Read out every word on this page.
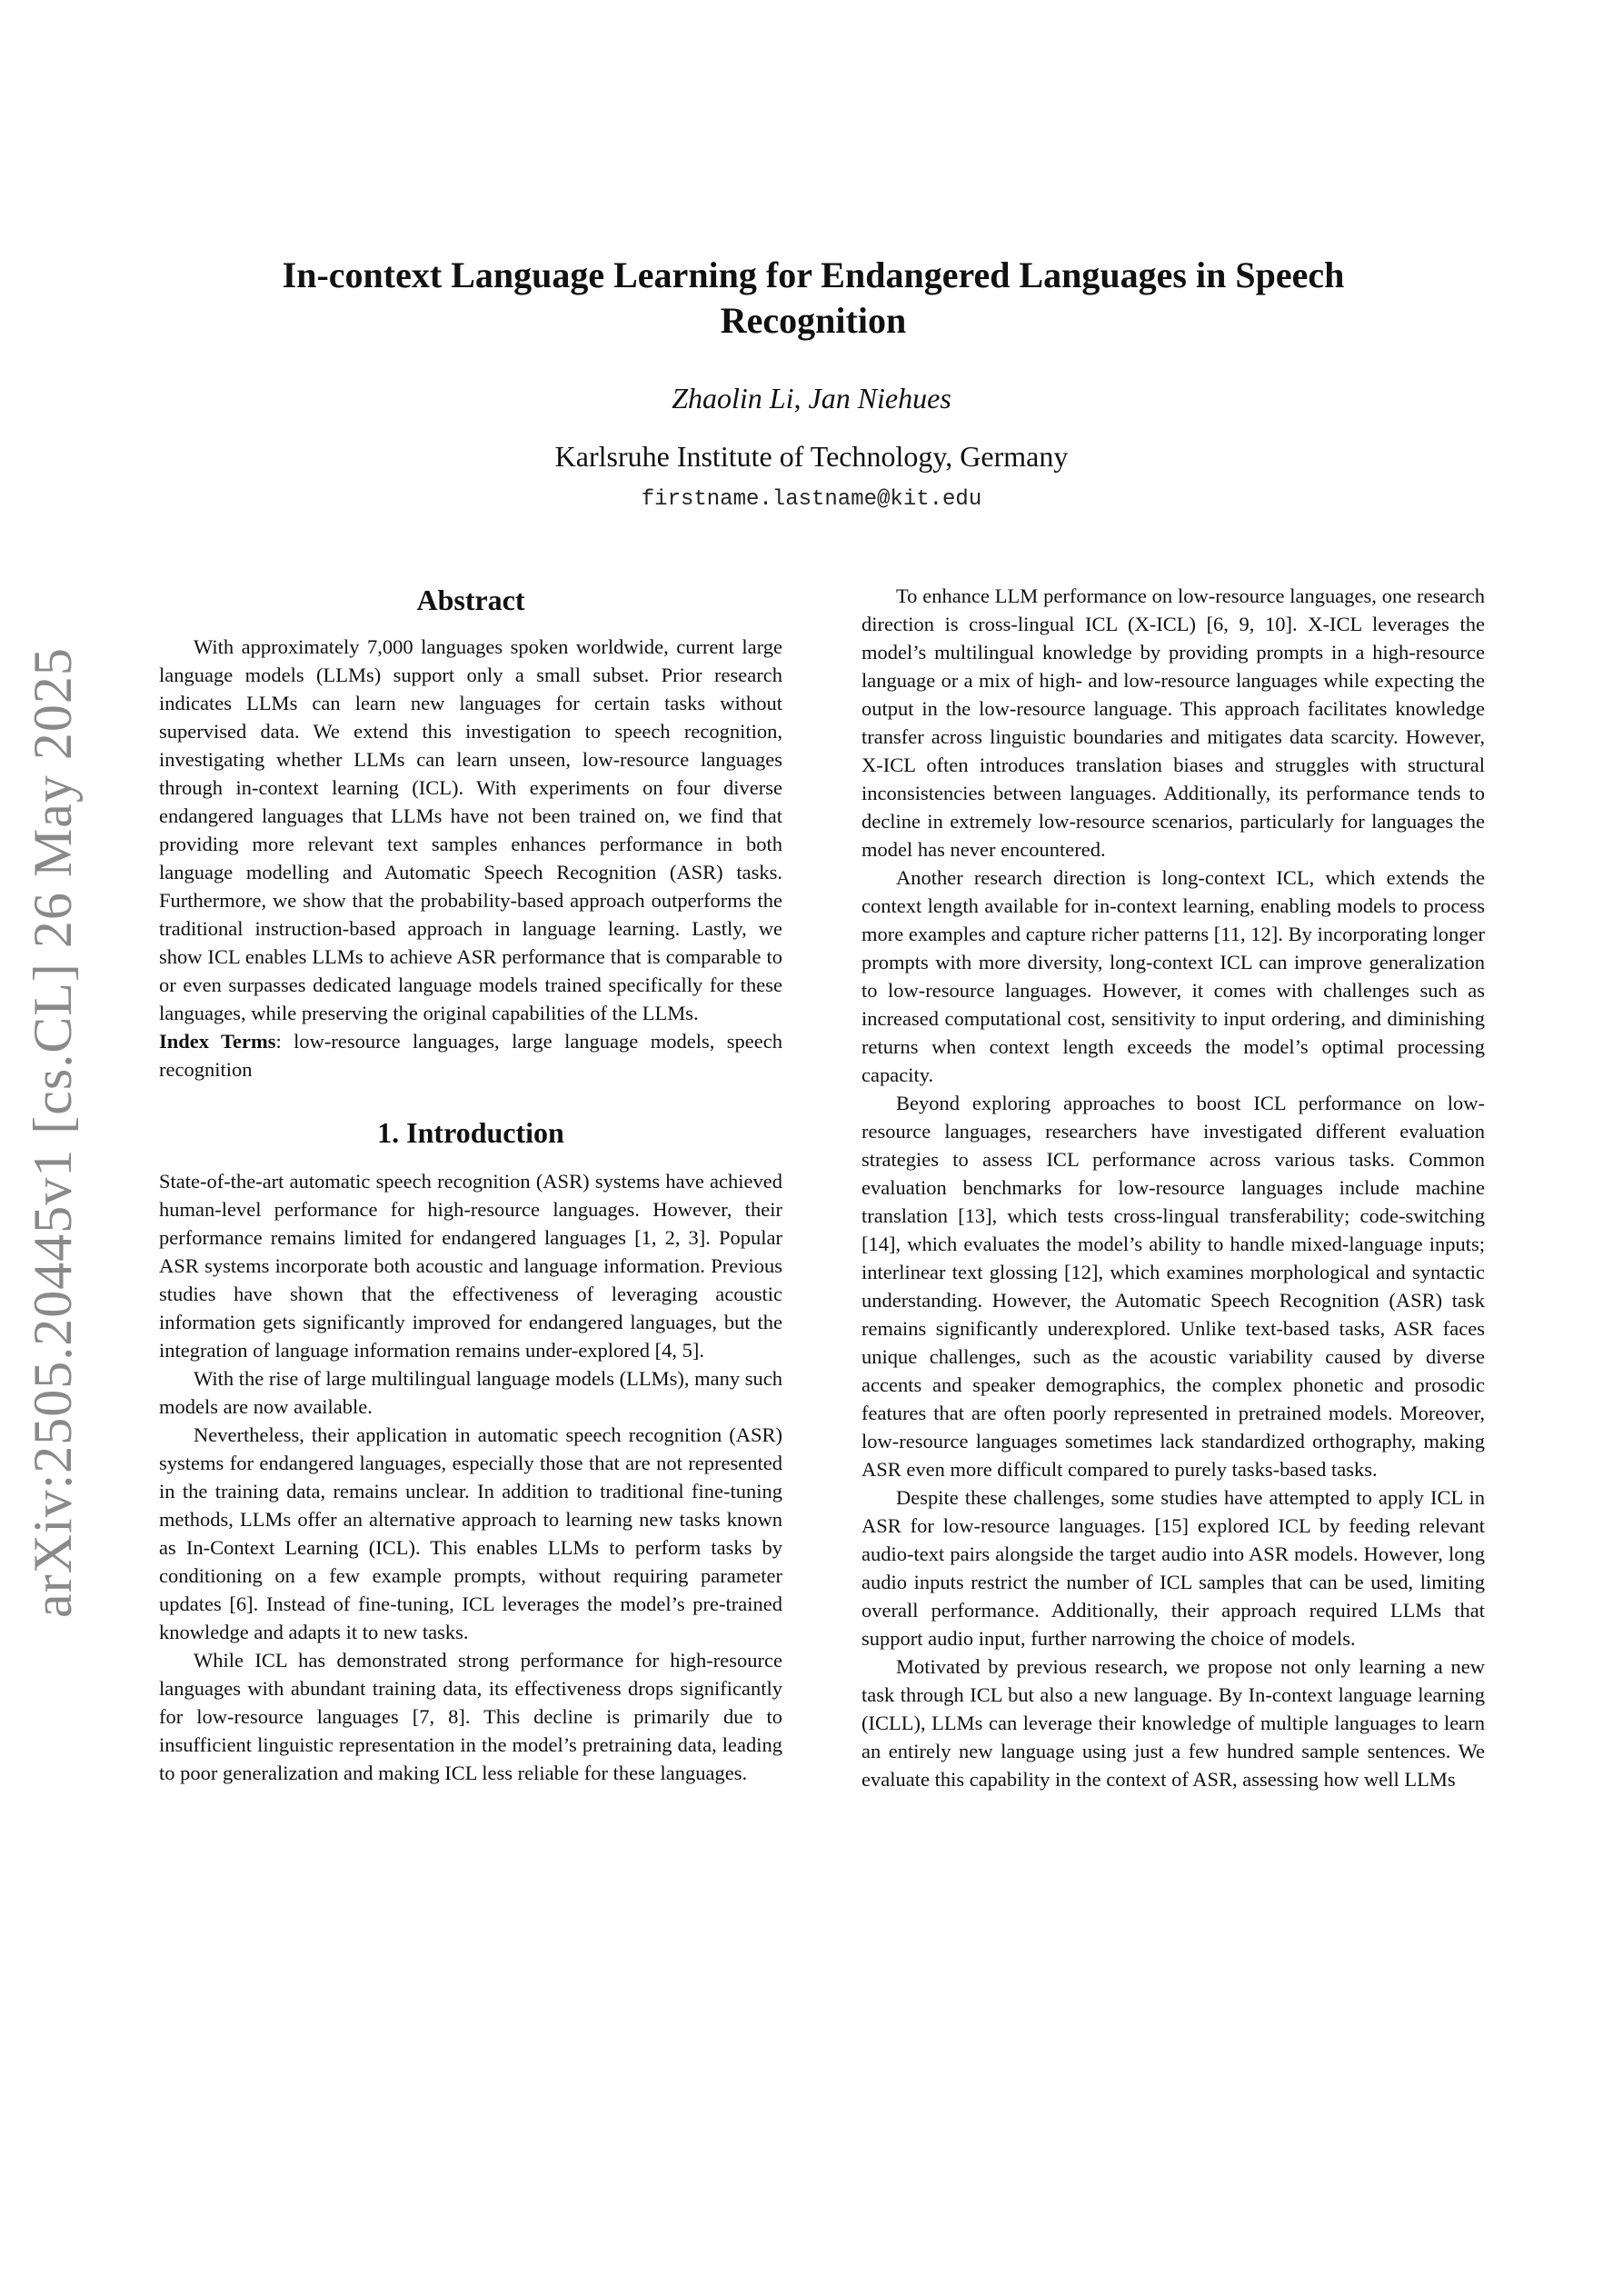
arXiv:2505.20445v1 [cs.CL] 26 May 2025
In-context Language Learning for Endangered Languages in Speech Recognition
Zhaolin Li, Jan Niehues
Karlsruhe Institute of Technology, Germany
firstname.lastname@kit.edu
Abstract

With approximately 7,000 languages spoken worldwide, current large language models (LLMs) support only a small subset. Prior research indicates LLMs can learn new languages for certain tasks without supervised data. We extend this investigation to speech recognition, investigating whether LLMs can learn unseen, low-resource languages through in-context learning (ICL). With experiments on four diverse endangered languages that LLMs have not been trained on, we find that providing more relevant text samples enhances performance in both language modelling and Automatic Speech Recognition (ASR) tasks. Furthermore, we show that the probability-based approach outperforms the traditional instruction-based approach in language learning. Lastly, we show ICL enables LLMs to achieve ASR performance that is comparable to or even surpasses dedicated language models trained specifically for these languages, while preserving the original capabilities of the LLMs.

Index Terms: low-resource languages, large language models, speech recognition

1. Introduction

State-of-the-art automatic speech recognition (ASR) systems have achieved human-level performance for high-resource languages. However, their performance remains limited for endangered languages [1, 2, 3]. Popular ASR systems incorporate both acoustic and language information. Previous studies have shown that the effectiveness of leveraging acoustic information gets significantly improved for endangered languages, but the integration of language information remains under-explored [4, 5].

With the rise of large multilingual language models (LLMs), many such models are now available.

Nevertheless, their application in automatic speech recognition (ASR) systems for endangered languages, especially those that are not represented in the training data, remains unclear. In addition to traditional fine-tuning methods, LLMs offer an alternative approach to learning new tasks known as In-Context Learning (ICL). This enables LLMs to perform tasks by conditioning on a few example prompts, without requiring parameter updates [6]. Instead of fine-tuning, ICL leverages the model’s pre-trained knowledge and adapts it to new tasks.

While ICL has demonstrated strong performance for high-resource languages with abundant training data, its effectiveness drops significantly for low-resource languages [7, 8]. This decline is primarily due to insufficient linguistic representation in the model’s pretraining data, leading to poor generalization and making ICL less reliable for these languages.

To enhance LLM performance on low-resource languages, one research direction is cross-lingual ICL (X-ICL) [6, 9, 10]. X-ICL leverages the model’s multilingual knowledge by providing prompts in a high-resource language or a mix of high- and low-resource languages while expecting the output in the low-resource language. This approach facilitates knowledge transfer across linguistic boundaries and mitigates data scarcity. However, X-ICL often introduces translation biases and struggles with structural inconsistencies between languages. Additionally, its performance tends to decline in extremely low-resource scenarios, particularly for languages the model has never encountered.

Another research direction is long-context ICL, which extends the context length available for in-context learning, enabling models to process more examples and capture richer patterns [11, 12]. By incorporating longer prompts with more diversity, long-context ICL can improve generalization to low-resource languages. However, it comes with challenges such as increased computational cost, sensitivity to input ordering, and diminishing returns when context length exceeds the model’s optimal processing capacity.

Beyond exploring approaches to boost ICL performance on low-resource languages, researchers have investigated different evaluation strategies to assess ICL performance across various tasks. Common evaluation benchmarks for low-resource languages include machine translation [13], which tests cross-lingual transferability; code-switching [14], which evaluates the model’s ability to handle mixed-language inputs; interlinear text glossing [12], which examines morphological and syntactic understanding. However, the Automatic Speech Recognition (ASR) task remains significantly underexplored. Unlike text-based tasks, ASR faces unique challenges, such as the acoustic variability caused by diverse accents and speaker demographics, the complex phonetic and prosodic features that are often poorly represented in pretrained models. Moreover, low-resource languages sometimes lack standardized orthography, making ASR even more difficult compared to purely tasks-based tasks.

Despite these challenges, some studies have attempted to apply ICL in ASR for low-resource languages. [15] explored ICL by feeding relevant audio-text pairs alongside the target audio into ASR models. However, long audio inputs restrict the number of ICL samples that can be used, limiting overall performance. Additionally, their approach required LLMs that support audio input, further narrowing the choice of models.

Motivated by previous research, we propose not only learning a new task through ICL but also a new language. By In-context language learning (ICLL), LLMs can leverage their knowledge of multiple languages to learn an entirely new language using just a few hundred sample sentences. We evaluate this capability in the context of ASR, assessing how well LLMs
